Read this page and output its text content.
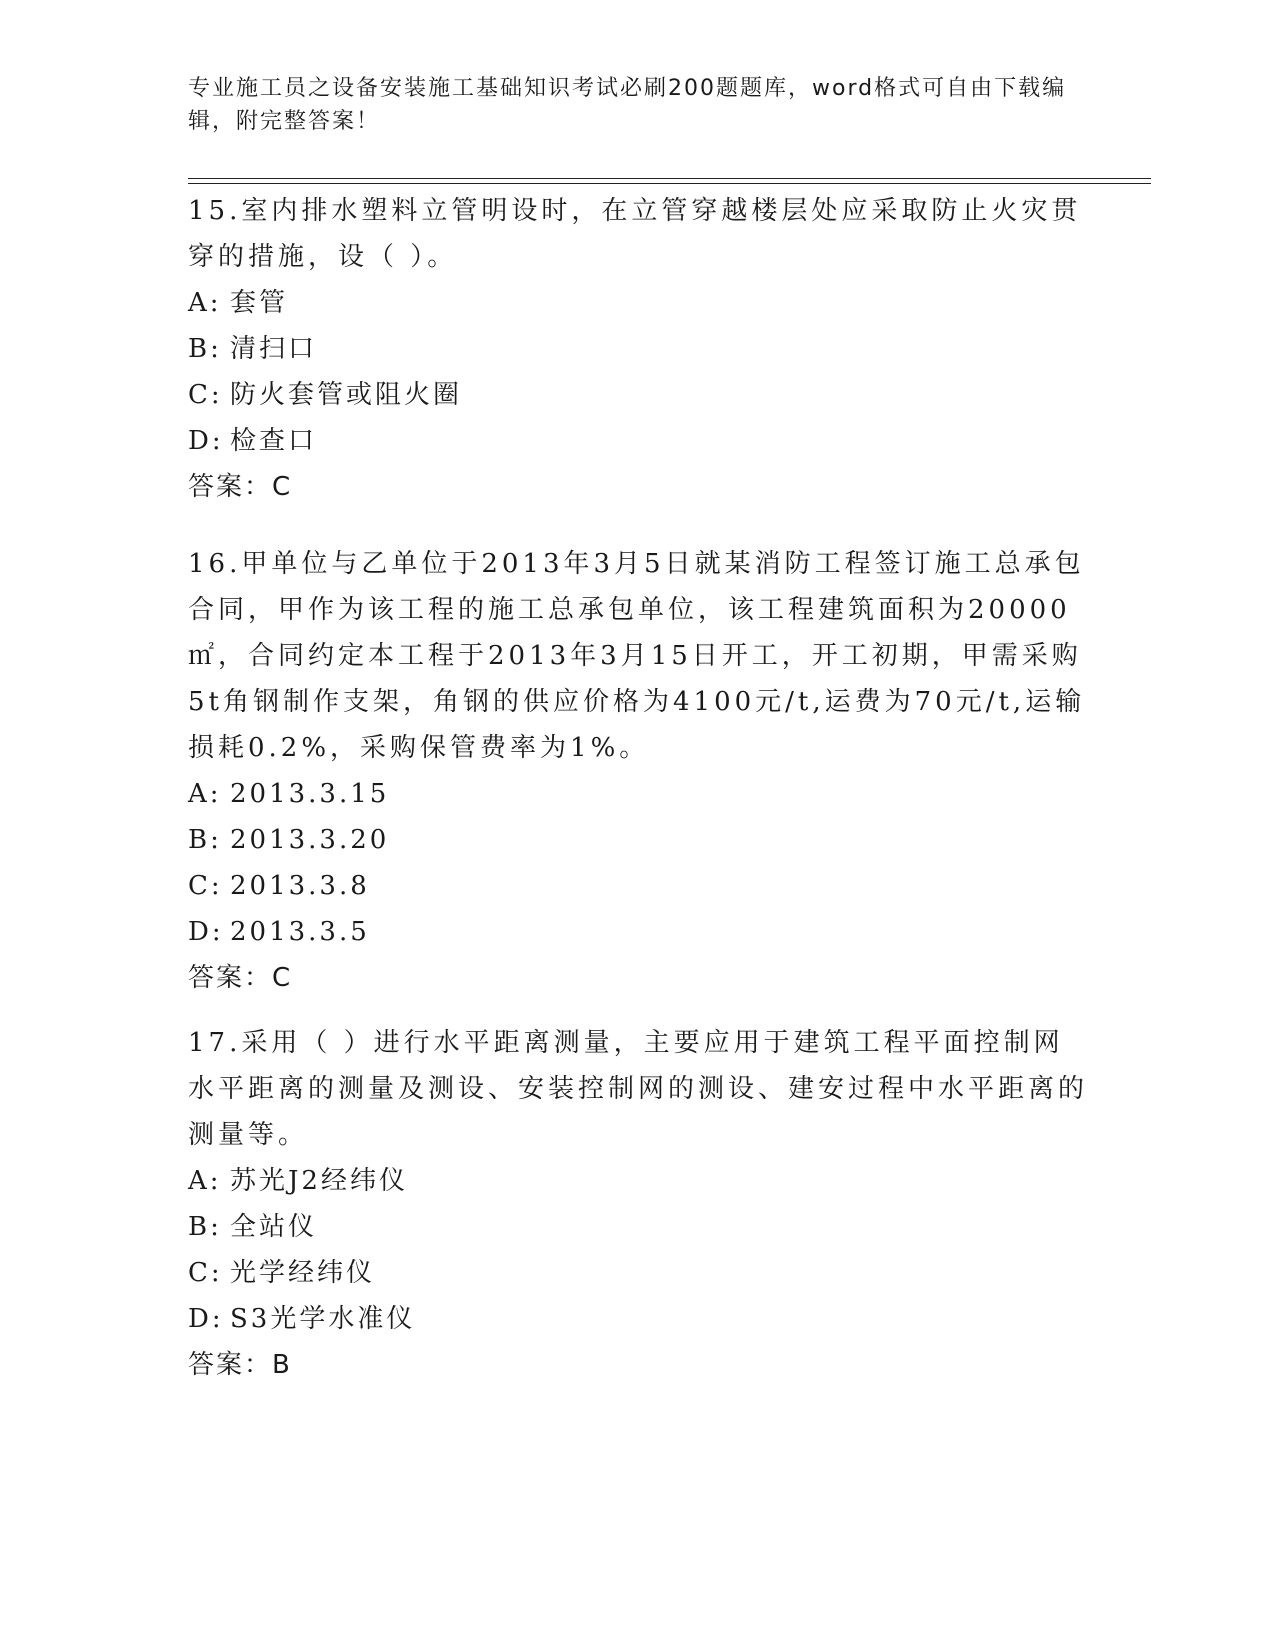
专业施工员之设备安装施工基础知识考试必刷200题题库，word格式可自由下载编辑，附完整答案！

15.室内排水塑料立管明设时，在立管穿越楼层处应采取防止火灾贯穿的措施，设（ ）。

A: 套管

B: 清扫口

C: 防火套管或阻火圈

D: 检查口

答案：C

16.甲单位与乙单位于2013年3月5日就某消防工程签订施工总承包合同，甲作为该工程的施工总承包单位，该工程建筑面积为20000㎡，合同约定本工程于2013年3月15日开工，开工初期，甲需采购5t角钢制作支架，角钢的供应价格为4100元/t,运费为70元/t,运输损耗0.2%，采购保管费率为1%。

A: 2013.3.15

B: 2013.3.20

C: 2013.3.8

D: 2013.3.5

答案：C

17.采用（ ）进行水平距离测量，主要应用于建筑工程平面控制网水平距离的测量及测设、安装控制网的测设、建安过程中水平距离的测量等。

A: 苏光J2经纬仪

B: 全站仪

C: 光学经纬仪

D: S3光学水准仪

答案：B
